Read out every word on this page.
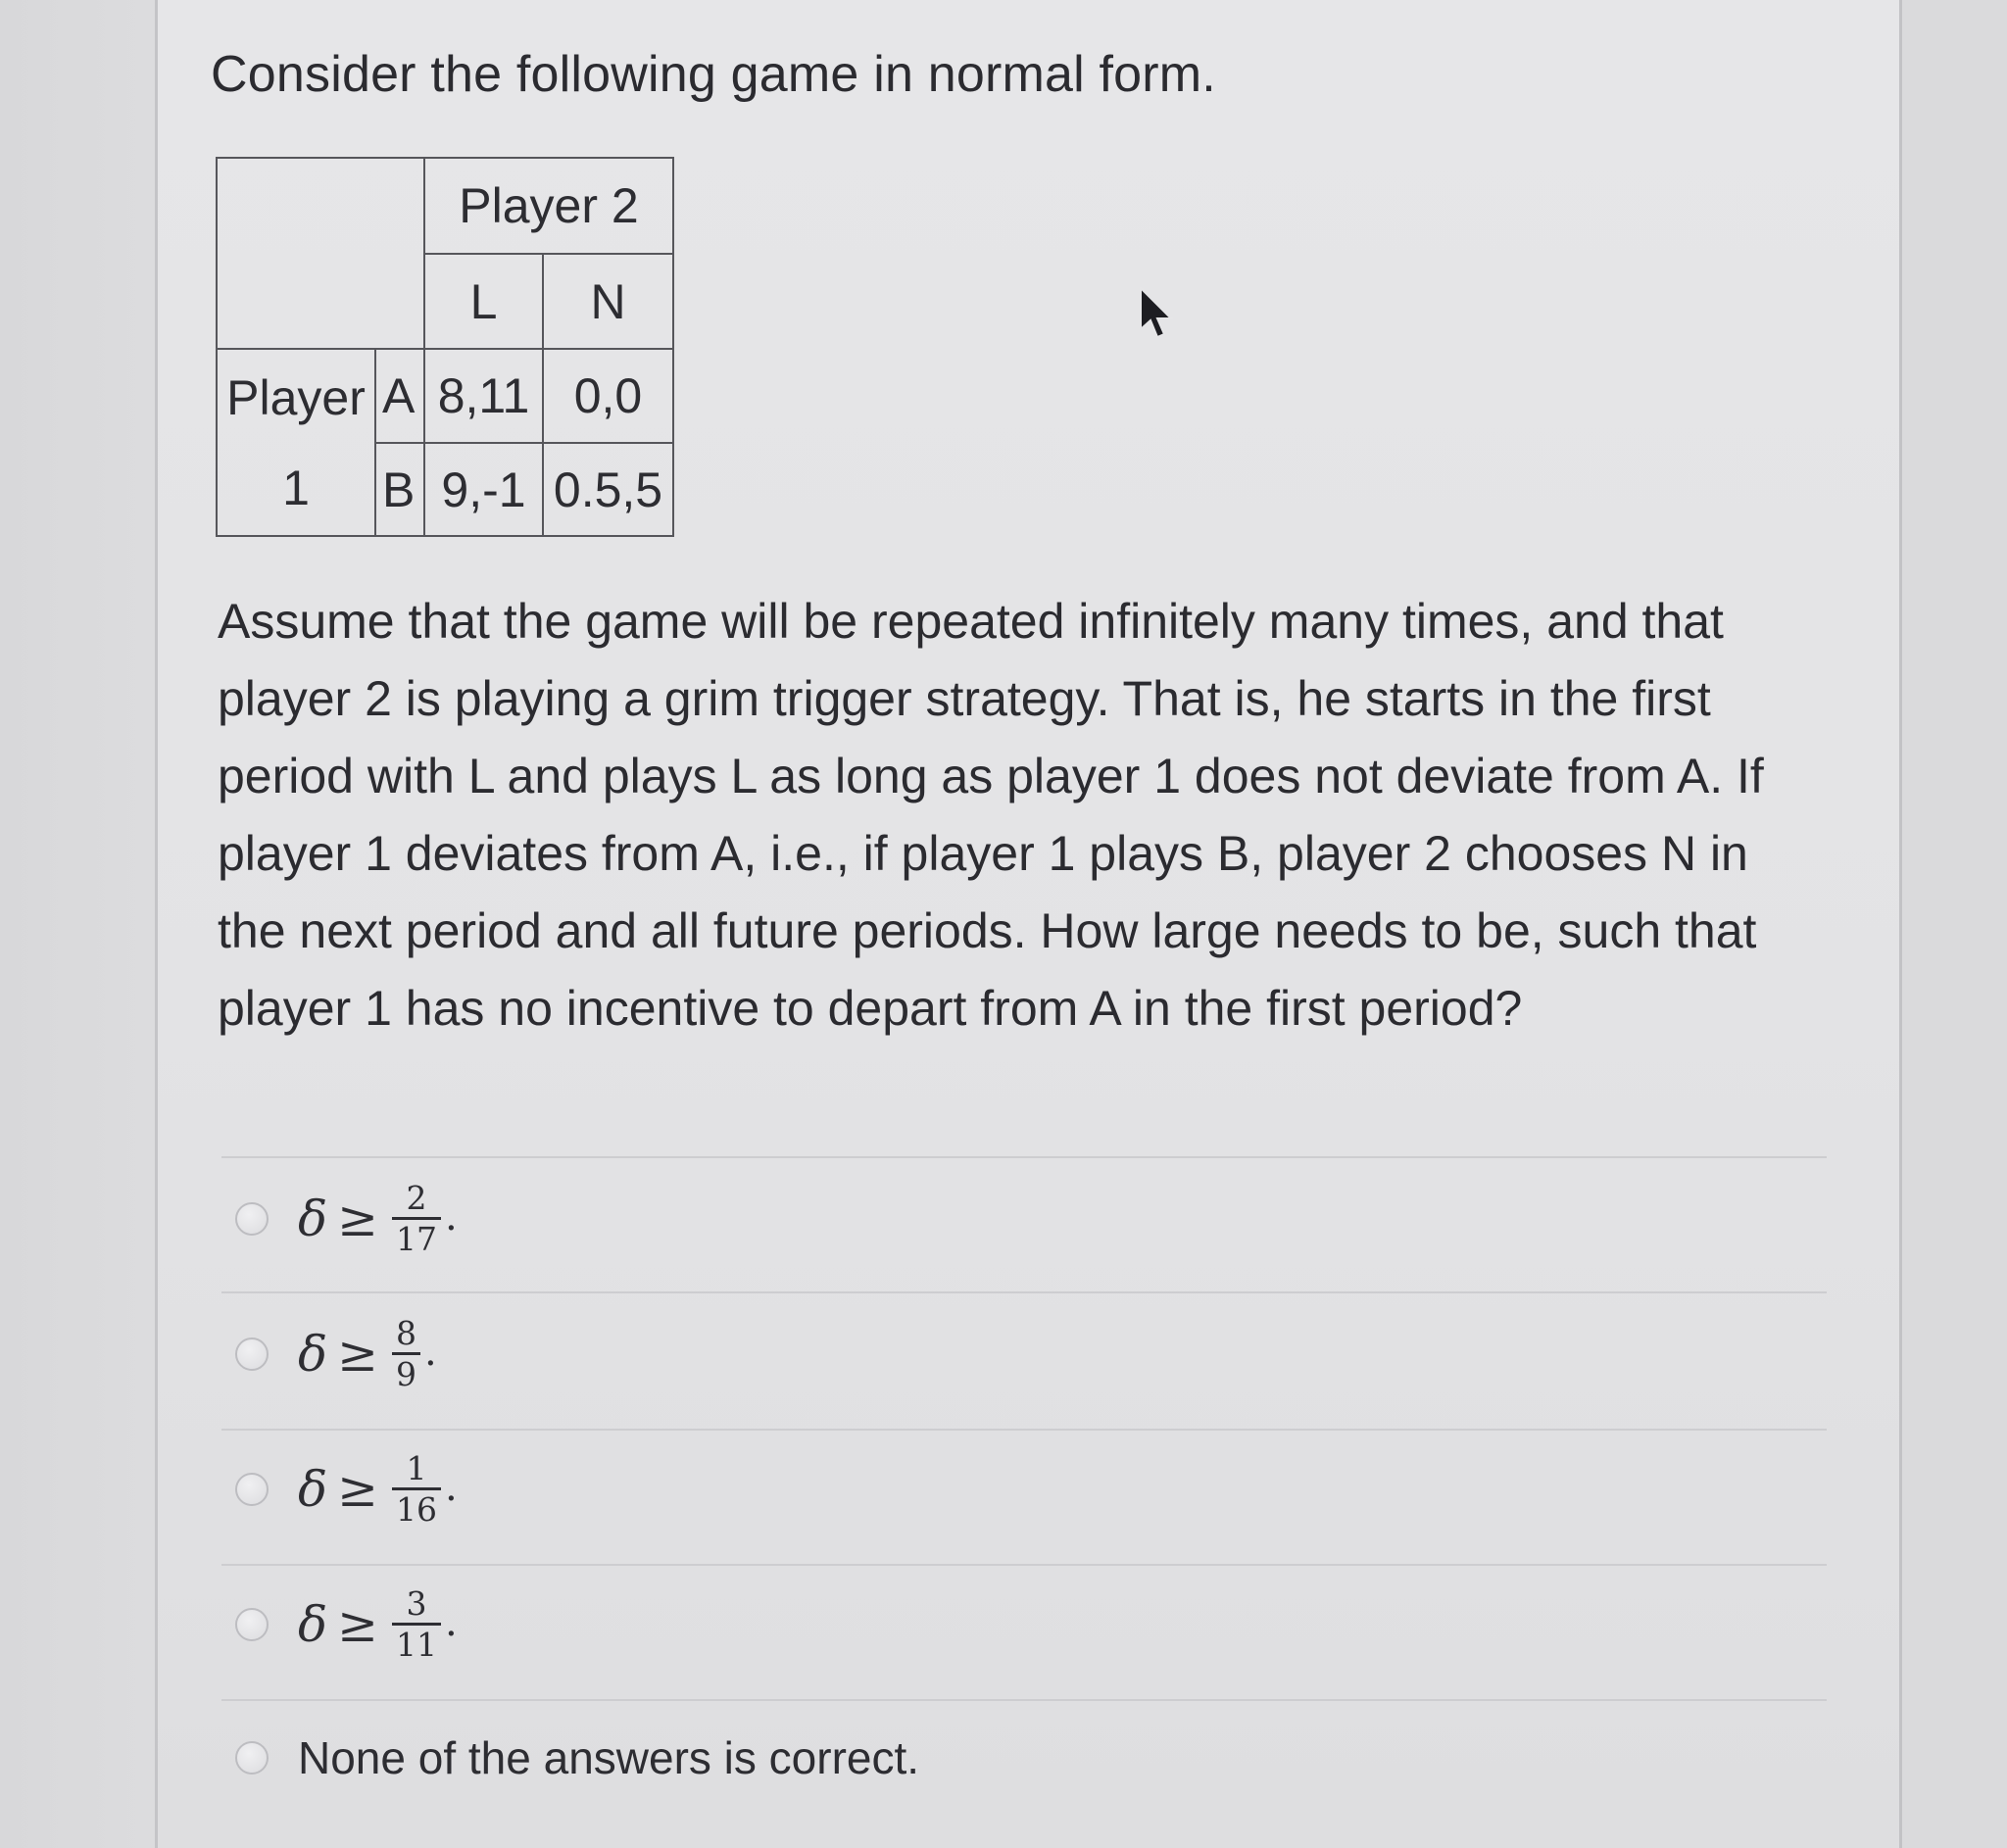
Consider the following game in normal form.
Player 2
L	N
Player
1
A 8,11 0,0
B 9,-1 0.5,5
Assume that the game will be repeated infinitely many times, and that
player 2 is playing a grim trigger strategy. That is, he starts in the first
period with L and plays L as long as player 1 does not deviate from A. If
player 1 deviates from A, i.e., if player 1 plays B, player 2 chooses N in
the next period and all future periods. How large needs to be, such that
player 1 has no incentive to depart from A in the first period?
$\delta \ge \frac{2}{17}$ .
$\delta \ge \frac{8}{9}$ .
$\delta \ge \frac{1}{16}$ .
$\delta \ge \frac{3}{11}$ .
None of the answers is correct.
